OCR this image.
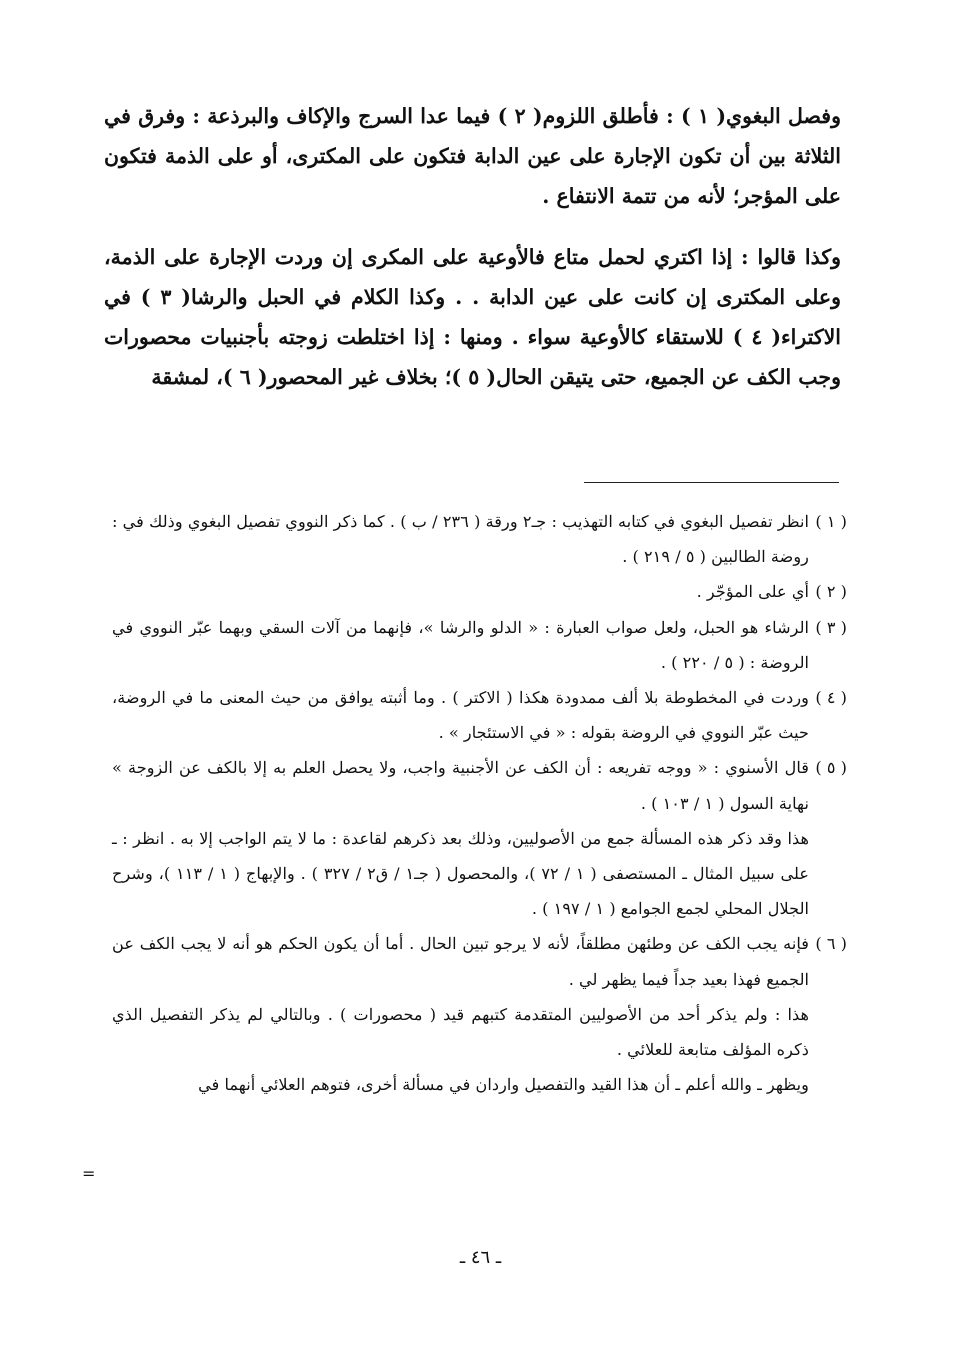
وفصل البغوي( ١ ) : فأطلق اللزوم( ٢ ) فيما عدا السرج والإكاف والبرذعة : وفرق في الثلاثة بين أن تكون الإجارة على عين الدابة فتكون على المكترى، أو على الذمة فتكون على المؤجر؛ لأنه من تتمة الانتفاع .

وكذا قالوا : إذا اكتري لحمل متاع فالأوعية على المكرى إن وردت الإجارة على الذمة، وعلى المكترى إن كانت على عين الدابة . . وكذا الكلام في الحبل والرشا( ٣ ) في الاكتراء( ٤ ) للاستقاء كالأوعية سواء . ومنها : إذا اختلطت زوجته بأجنبيات محصورات وجب الكف عن الجميع، حتى يتيقن الحال( ٥ )؛ بخلاف غير المحصور( ٦ )، لمشقة

( ١ )

انظر تفصيل البغوي في كتابه التهذيب : جـ٢ ورقة ( ٢٣٦ / ب ) . كما ذكر النووي تفصيل البغوي وذلك في : روضة الطالبين ( ٥ / ٢١٩ ) .

( ٢ )

أي على المؤجّر .

( ٣ )

الرشاء هو الحبل، ولعل صواب العبارة : « الدلو والرشا »، فإنهما من آلات السقي وبهما عبّر النووي في الروضة : ( ٥ / ٢٢٠ ) .

( ٤ )

وردت في المخطوطة بلا ألف ممدودة هكذا ( الاكتر ) . وما أثبته يوافق من حيث المعنى ما في الروضة، حيث عبّر النووي في الروضة بقوله : « في الاستئجار » .

( ٥ )

قال الأسنوي : « ووجه تفريعه : أن الكف عن الأجنبية واجب، ولا يحصل العلم به إلا بالكف عن الزوجة » نهاية السول ( ١ / ١٠٣ ) .

هذا وقد ذكر هذه المسألة جمع من الأصوليين، وذلك بعد ذكرهم لقاعدة : ما لا يتم الواجب إلا به . انظر : ـ على سبيل المثال ـ المستصفى ( ١ / ٧٢ )، والمحصول ( جـ١ / ق٢ / ٣٢٧ ) . والإبهاج ( ١ / ١١٣ )، وشرح الجلال المحلي لجمع الجوامع ( ١ / ١٩٧ ) .

( ٦ )

فإنه يجب الكف عن وطئهن مطلقاً، لأنه لا يرجو تبين الحال . أما أن يكون الحكم هو أنه لا يجب الكف عن الجميع فهذا بعيد جداً فيما يظهر لي .

هذا : ولم يذكر أحد من الأصوليين المتقدمة كتبهم قيد ( محصورات ) . وبالتالي لم يذكر التفصيل الذي ذكره المؤلف متابعة للعلائي .

ويظهر ـ والله أعلم ـ أن هذا القيد والتفصيل واردان في مسألة أخرى، فتوهم العلائي أنهما في

=
ـ ٤٦ ـ
